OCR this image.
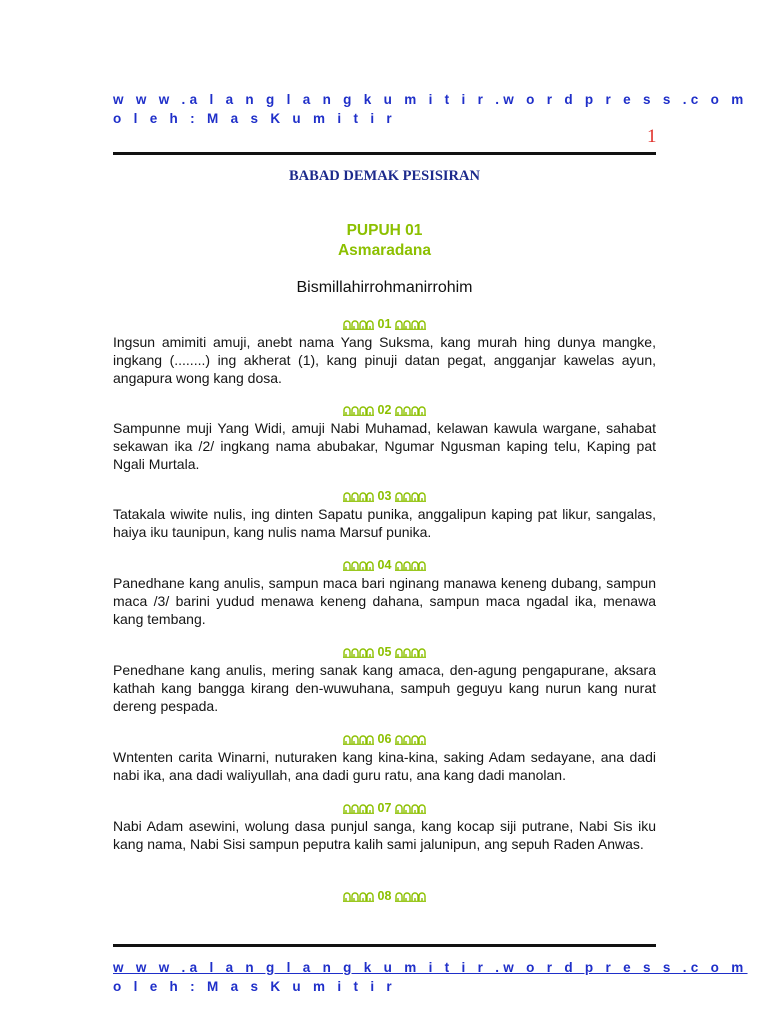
w w w .a l a n g l a n g k u m i t i r .w o r d p r e s s .c o m
o l e h : M a s K u m i t i r
1
BABAD DEMAK PESISIRAN
PUPUH 01
Asmaradana
Bismillahirrohmanirrohim
01
Ingsun amimiti amuji, anebt nama Yang Suksma, kang murah hing dunya mangke, ingkang (........) ing akherat (1), kang pinuji datan pegat, angganjar kawelas ayun, angapura wong kang dosa.
02
Sampunne muji Yang Widi, amuji Nabi Muhamad, kelawan kawula wargane, sahabat sekawan ika /2/ ingkang nama abubakar, Ngumar Ngusman kaping telu, Kaping pat Ngali Murtala.
03
Tatakala wiwite nulis, ing dinten Sapatu punika, anggalipun kaping pat likur, sangalas, haiya iku taunipun, kang nulis nama Marsuf punika.
04
Panedhane kang anulis, sampun maca bari nginang manawa keneng dubang, sampun maca /3/ barini yudud menawa keneng dahana, sampun maca ngadal ika, menawa kang tembang.
05
Penedhane kang anulis, mering sanak kang amaca, den-agung pengapurane, aksara kathah kang bangga kirang den-wuwuhana, sampuh geguyu kang nurun kang nurat dereng pespada.
06
Wntenten carita Winarni, nuturaken kang kina-kina, saking Adam sedayane, ana dadi nabi ika, ana dadi waliyullah, ana dadi guru ratu, ana kang dadi manolan.
07
Nabi Adam asewini, wolung dasa punjul sanga, kang kocap siji putrane, Nabi Sis iku kang nama, Nabi Sisi sampun peputra kalih sami jalunipun, ang sepuh Raden Anwas.
08
w w w .a l a n g l a n g k u m i t i r .w o r d p r e s s .c o m
o l e h : M a s K u m i t i r
